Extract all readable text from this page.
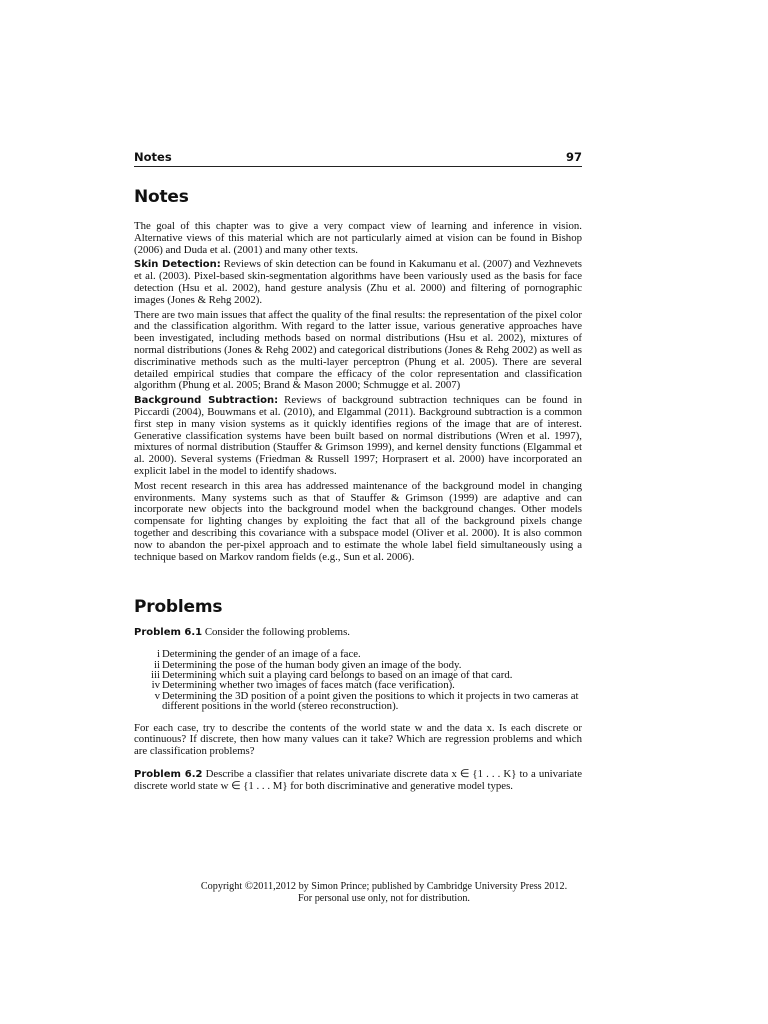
Notes	97
Notes

The goal of this chapter was to give a very compact view of learning and inference in vision. Alternative views of this material which are not particularly aimed at vision can be found in Bishop (2006) and Duda et al. (2001) and many other texts.

Skin Detection: Reviews of skin detection can be found in Kakumanu et al. (2007) and Vezhnevets et al. (2003). Pixel-based skin-segmentation algorithms have been variously used as the basis for face detection (Hsu et al. 2002), hand gesture analysis (Zhu et al. 2000) and filtering of pornographic images (Jones & Rehg 2002).

There are two main issues that affect the quality of the final results: the representation of the pixel color and the classification algorithm. With regard to the latter issue, various generative approaches have been investigated, including methods based on normal distributions (Hsu et al. 2002), mixtures of normal distributions (Jones & Rehg 2002) and categorical distributions (Jones & Rehg 2002) as well as discriminative methods such as the multi-layer perceptron (Phung et al. 2005). There are several detailed empirical studies that compare the efficacy of the color representation and classification algorithm (Phung et al. 2005; Brand & Mason 2000; Schmugge et al. 2007)

Background Subtraction: Reviews of background subtraction techniques can be found in Piccardi (2004), Bouwmans et al. (2010), and Elgammal (2011). Background subtraction is a common first step in many vision systems as it quickly identifies regions of the image that are of interest. Generative classification systems have been built based on normal distributions (Wren et al. 1997), mixtures of normal distribution (Stauffer & Grimson 1999), and kernel density functions (Elgammal et al. 2000). Several systems (Friedman & Russell 1997; Horprasert et al. 2000) have incorporated an explicit label in the model to identify shadows.

Most recent research in this area has addressed maintenance of the background model in changing environments. Many systems such as that of Stauffer & Grimson (1999) are adaptive and can incorporate new objects into the background model when the background changes. Other models compensate for lighting changes by exploiting the fact that all of the background pixels change together and describing this covariance with a subspace model (Oliver et al. 2000). It is also common now to abandon the per-pixel approach and to estimate the whole label field simultaneously using a technique based on Markov random fields (e.g., Sun et al. 2006).

Problems

Problem 6.1 Consider the following problems.

i Determining the gender of an image of a face.
ii Determining the pose of the human body given an image of the body.
iii Determining which suit a playing card belongs to based on an image of that card.
iv Determining whether two images of faces match (face verification).
v Determining the 3D position of a point given the positions to which it projects in two cameras at different positions in the world (stereo reconstruction).

For each case, try to describe the contents of the world state w and the data x. Is each discrete or continuous? If discrete, then how many values can it take? Which are regression problems and which are classification problems?

Problem 6.2 Describe a classifier that relates univariate discrete data x ∈ {1 . . . K} to a univariate discrete world state w ∈ {1 . . . M} for both discriminative and generative model types.

Copyright ©2011,2012 by Simon Prince; published by Cambridge University Press 2012.
For personal use only, not for distribution.
